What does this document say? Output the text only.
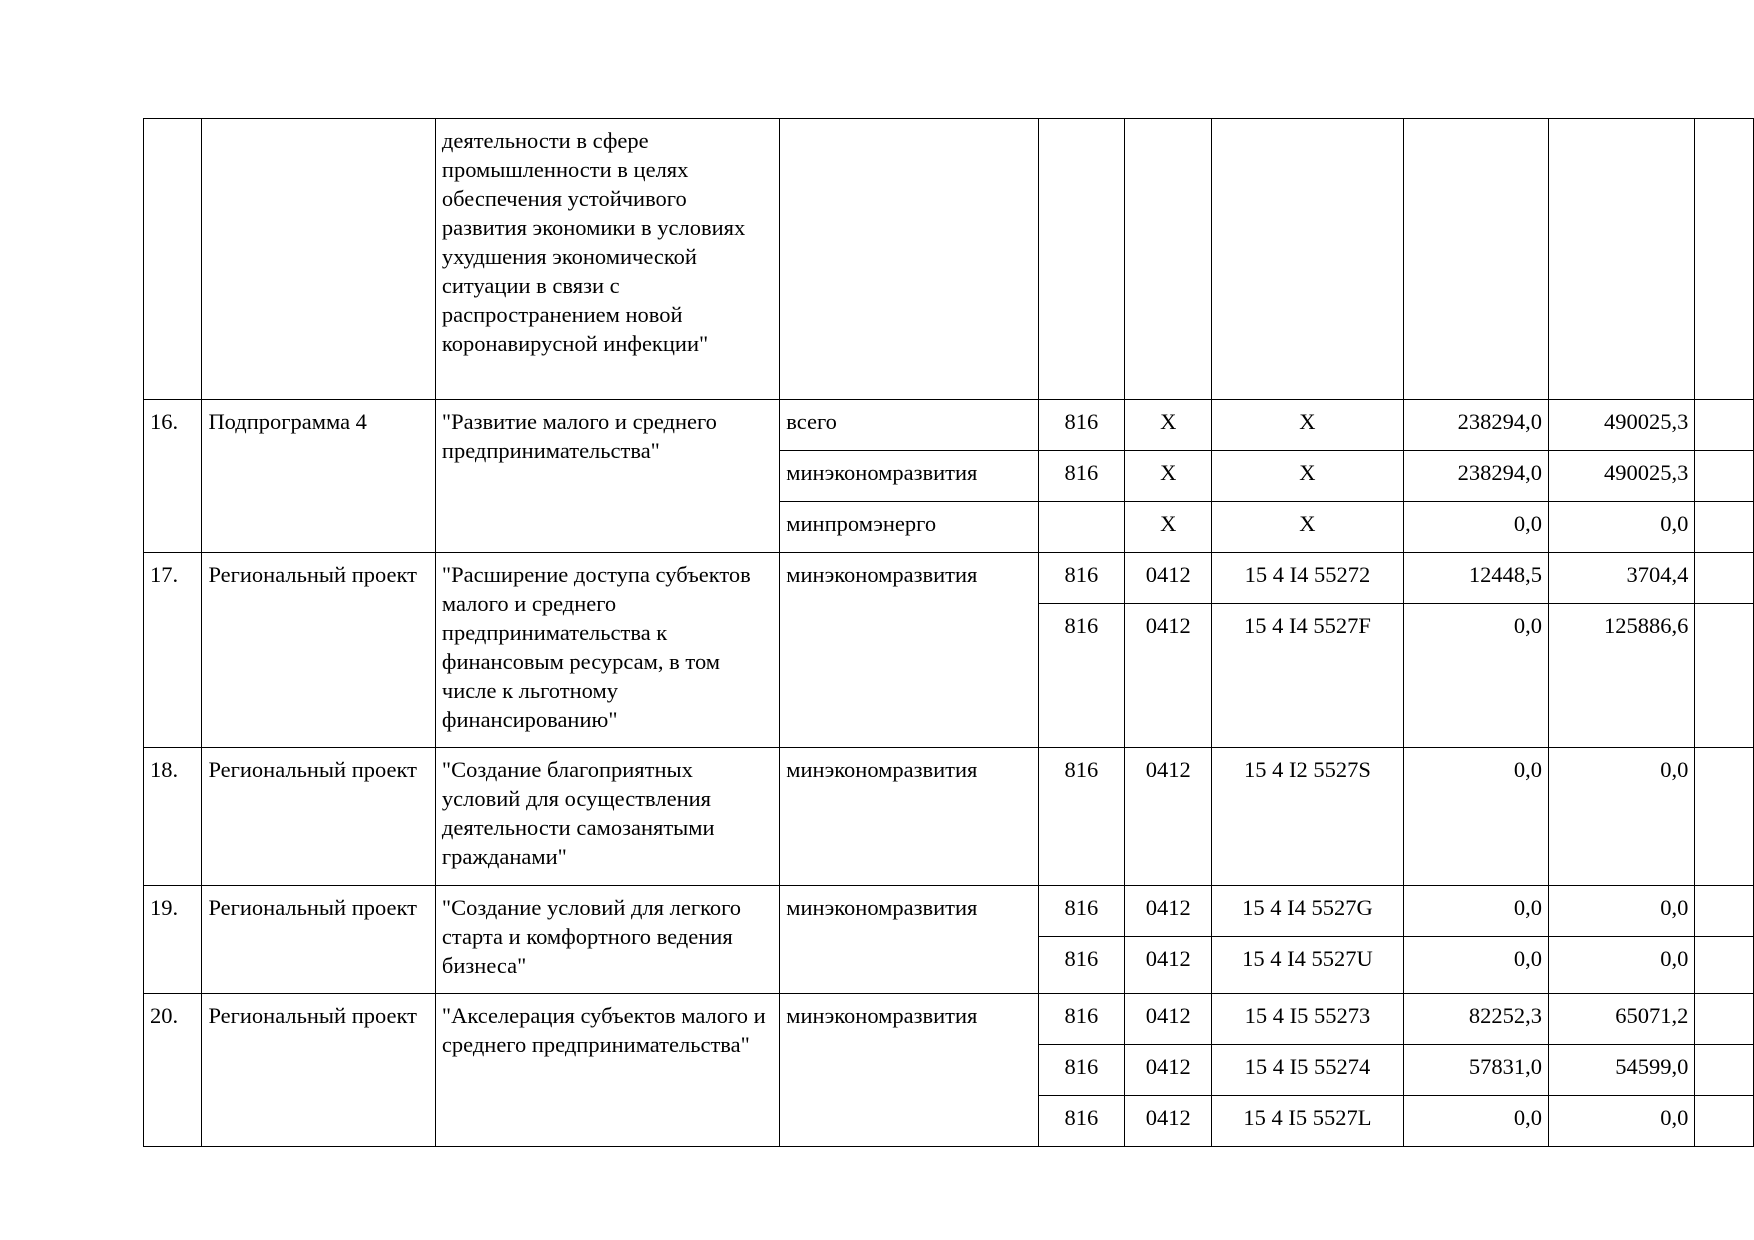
		деятельности в сфере промышленности в целях обеспечения устойчивого развития экономики в условиях ухудшения экономической ситуации в связи с распространением новой коронавирусной инфекции"							
16.	Подпрограмма 4	"Развитие малого и среднего предпринимательства"	всего	816	X	X	238294,0	490025,3	
			минэкономразвития	816	X	X	238294,0	490025,3	
			минпромэнерго		X	X	0,0	0,0	
17.	Региональный проект	"Расширение доступа субъектов малого и среднего предпринимательства к финансовым ресурсам, в том числе к льготному финансированию"	минэкономразвития	816	0412	15 4 I4 55272	12448,5	3704,4	
				816	0412	15 4 I4 5527F	0,0	125886,6	
18.	Региональный проект	"Создание благоприятных условий для осуществления деятельности самозанятыми гражданами"	минэкономразвития	816	0412	15 4 I2 5527S	0,0	0,0	
19.	Региональный проект	"Создание условий для легкого старта и комфортного ведения бизнеса"	минэкономразвития	816	0412	15 4 I4 5527G	0,0	0,0	
				816	0412	15 4 I4 5527U	0,0	0,0	
20.	Региональный проект	"Акселерация субъектов малого и среднего предпринимательства"	минэкономразвития	816	0412	15 4 I5 55273	82252,3	65071,2	
				816	0412	15 4 I5 55274	57831,0	54599,0	
				816	0412	15 4 I5 5527L	0,0	0,0	
